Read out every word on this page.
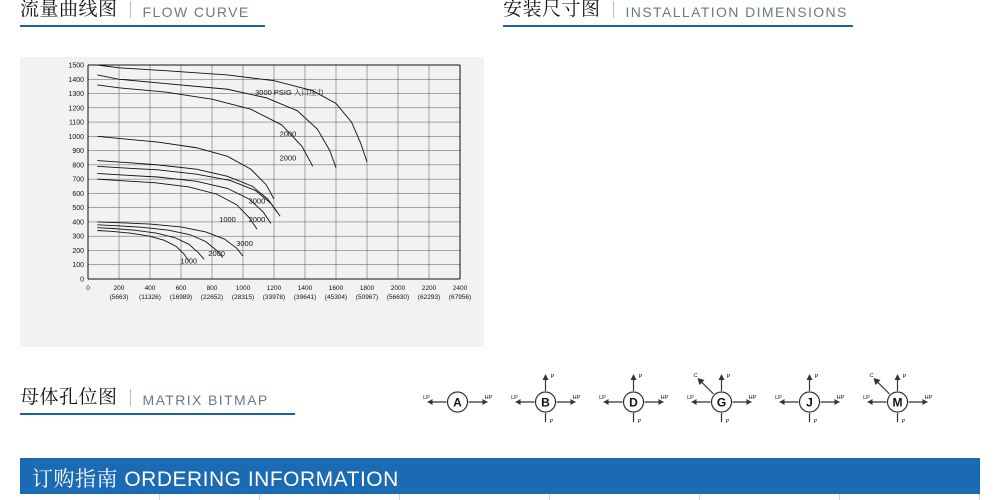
流量曲线图 FLOW CURVE	安装尺寸图 INSTALLATION DIMENSIONS
母体孔位图 MATRIX BITMAP
100
200
300
400
500
600
700
800
900
1000
1100
1200
1300
1400
1500
0
0	200
(5663)
400
(11326)
600
(16989)
800
(22652)
1000
(28315)
1200
(33978)
1400
(39641)
1600
(45304)
1800
(50967)
2000
(56630)
2200
(62293)
2400
(67956)
3000 PSIG 入口压力
2000
2000
3000
1000 2000
3000
2000
1000
A
LP	HP	B
LP	HP
P
P
D
LP	HP
P
P
G
LP	HP
P
P
C
J
LP	HP
P
P
M
LP	HP
P
P
C
订购指南 ORDERING INFORMATION
